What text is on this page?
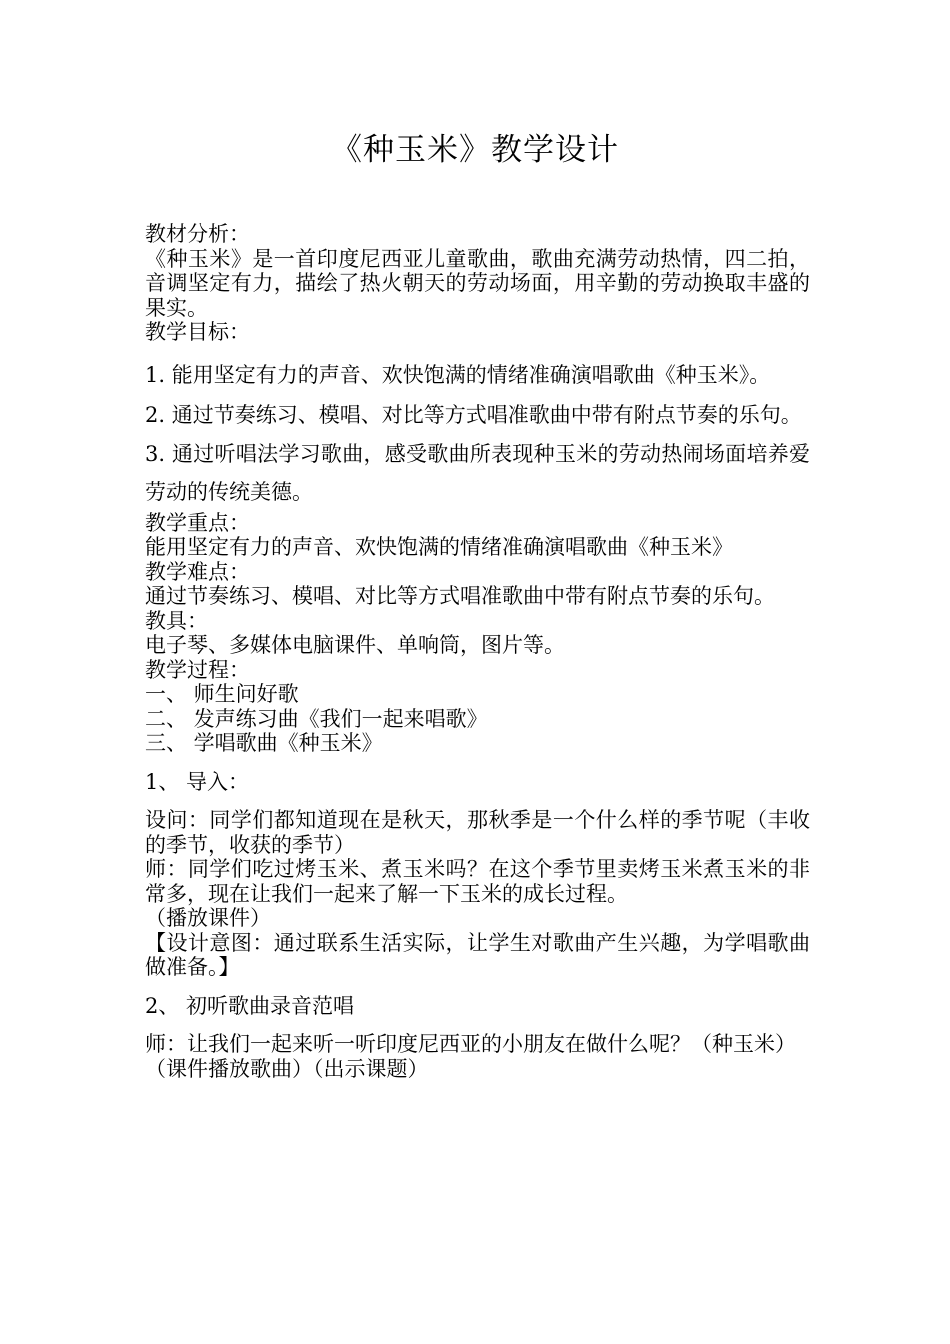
《种玉米》教学设计

教材分析：

《种玉米》是一首印度尼西亚儿童歌曲，歌曲充满劳动热情，四二拍，音调坚定有力，描绘了热火朝天的劳动场面，用辛勤的劳动换取丰盛的果实。

教学目标：

1. 能用坚定有力的声音、欢快饱满的情绪准确演唱歌曲《种玉米》。

2. 通过节奏练习、模唱、对比等方式唱准歌曲中带有附点节奏的乐句。

3. 通过听唱法学习歌曲，感受歌曲所表现种玉米的劳动热闹场面培养爱劳动的传统美德。

教学重点：

能用坚定有力的声音、欢快饱满的情绪准确演唱歌曲《种玉米》

教学难点：

通过节奏练习、模唱、对比等方式唱准歌曲中带有附点节奏的乐句。

教具：

电子琴、多媒体电脑课件、单响筒，图片等。

教学过程：

一、 师生问好歌

二、 发声练习曲《我们一起来唱歌》

三、 学唱歌曲《种玉米》

1、 导入：

设问：同学们都知道现在是秋天，那秋季是一个什么样的季节呢（丰收的季节，收获的季节）

师：同学们吃过烤玉米、煮玉米吗？在这个季节里卖烤玉米煮玉米的非常多，现在让我们一起来了解一下玉米的成长过程。

（播放课件）

【设计意图：通过联系生活实际，让学生对歌曲产生兴趣，为学唱歌曲做准备。】

2、 初听歌曲录音范唱

师：让我们一起来听一听印度尼西亚的小朋友在做什么呢？（种玉米）

（课件播放歌曲）（出示课题）
